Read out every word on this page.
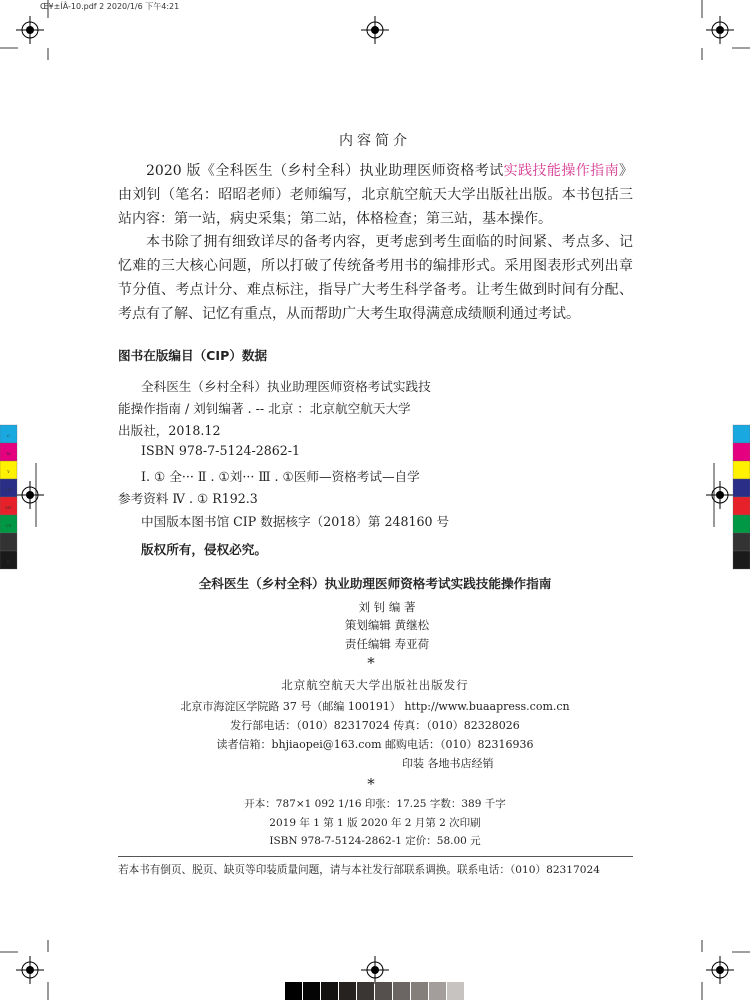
C
M
Y
CM
MY
CY
CMY
K
Œ¥±ÍÂ-10.pdf 2 2020/1/6 下午4:21
内容简介

2020 版《全科医生（乡村全科）执业助理医师资格考试实践技能操作指南》由刘钊（笔名：昭昭老师）老师编写，北京航空航天大学出版社出版。本书包括三站内容：第一站，病史采集；第二站，体格检查；第三站，基本操作。

本书除了拥有细致详尽的备考内容，更考虑到考生面临的时间紧、考点多、记忆难的三大核心问题，所以打破了传统备考用书的编排形式。采用图表形式列出章节分值、考点计分、难点标注，指导广大考生科学备考。让考生做到时间有分配、考点有了解、记忆有重点，从而帮助广大考生取得满意成绩顺利通过考试。

图书在版编目（CIP）数据
全科医生（乡村全科）执业助理医师资格考试实践技
能操作指南 / 刘钊编著 . -- 北京 ：北京航空航天大学
出版社，2018.12
ISBN 978-7-5124-2862-1
Ⅰ. ① 全··· Ⅱ . ①刘··· Ⅲ . ①医师—资格考试—自学
参考资料 Ⅳ . ① R192.3
中国版本图书馆 CIP 数据核字（2018）第 248160 号
版权所有，侵权必究。
全科医生（乡村全科）执业助理医师资格考试实践技能操作指南
刘 钊 编 著
策划编辑 黄继松
责任编辑 寿亚荷
*
北京航空航天大学出版社出版发行
北京市海淀区学院路 37 号（邮编 100191） http://www.buaapress.com.cn
发行部电话：（010）82317024 传真：（010）82328026
读者信箱：bhjiaopei@163.com 邮购电话：（010）82316936
印装 各地书店经销
*
开本：787×1 092 1/16 印张：17.25 字数：389 千字
2019 年 1 第 1 版 2020 年 2 月第 2 次印刷
ISBN 978-7-5124-2862-1 定价：58.00 元
若本书有倒页、脱页、缺页等印装质量问题，请与本社发行部联系调换。联系电话：（010）82317024
